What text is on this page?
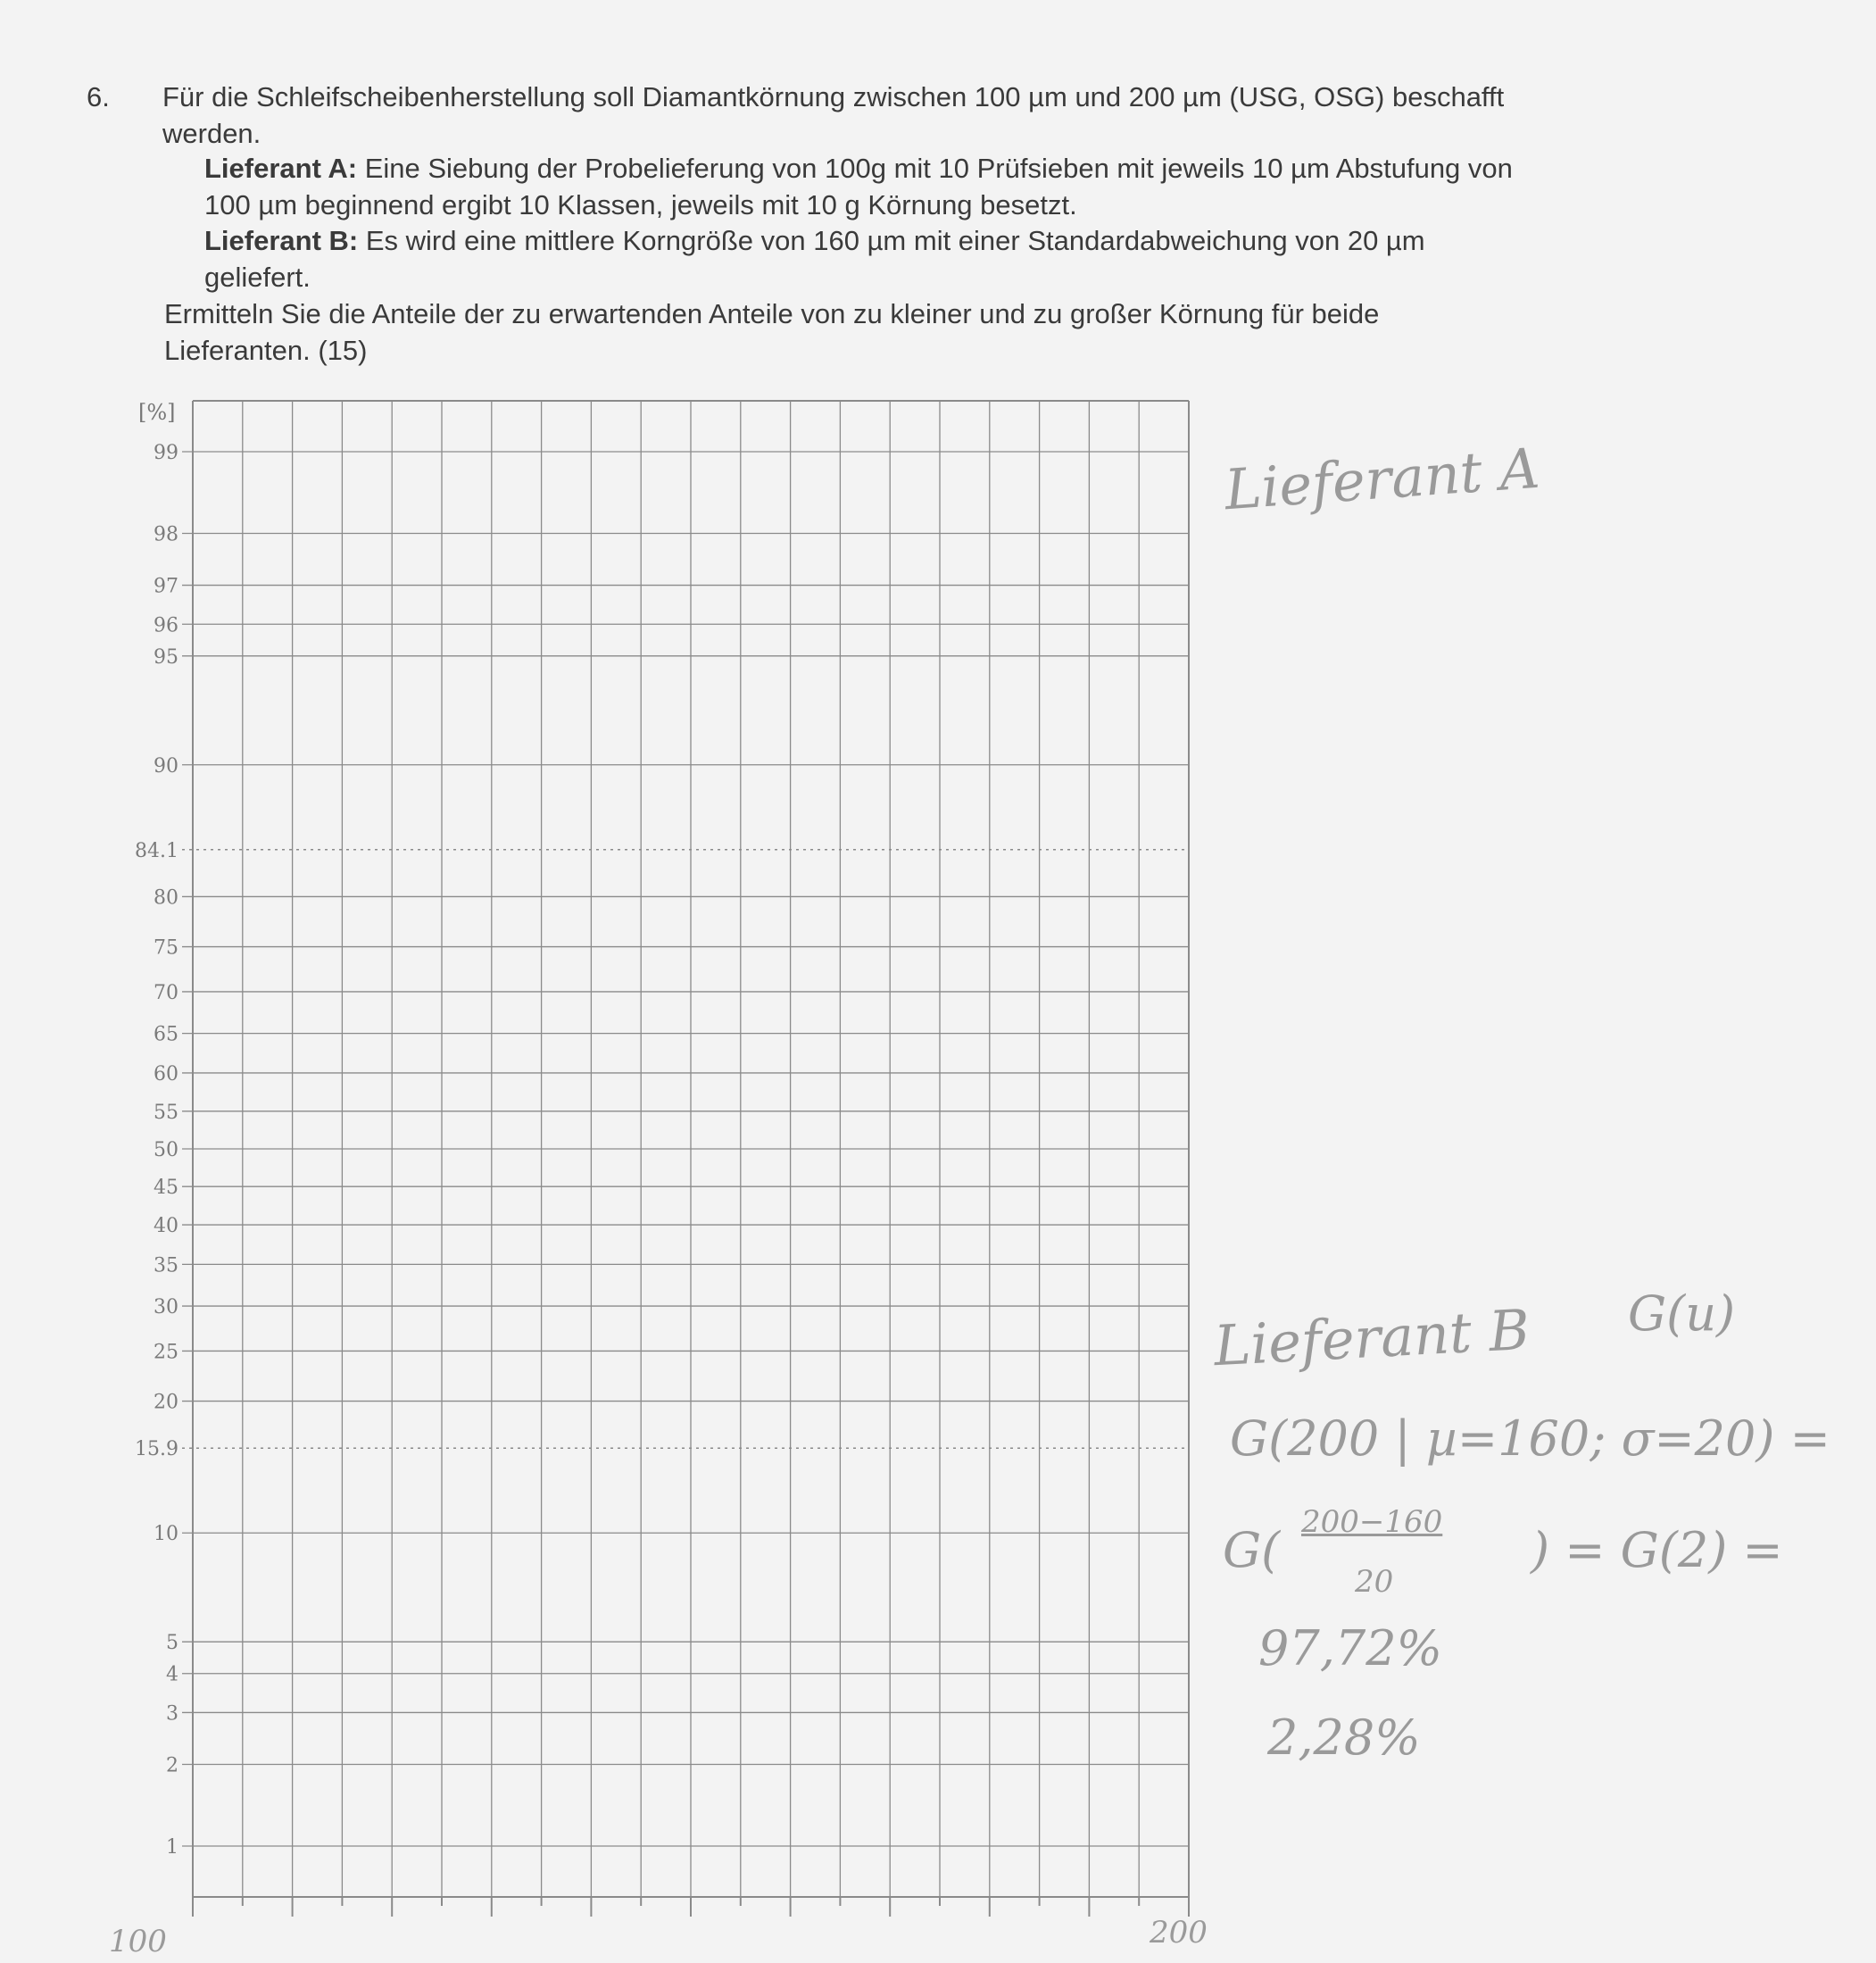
6. Für die Schleifscheibenherstellung soll Diamantkörnung zwischen 100 µm und 200 µm (USG, OSG) beschafft
werden.
Lieferant A: Eine Siebung der Probelieferung von 100g mit 10 Prüfsieben mit jeweils 10 µm Abstufung von
100 µm beginnend ergibt 10 Klassen, jeweils mit 10 g Körnung besetzt.
Lieferant B: Es wird eine mittlere Korngröße von 160 µm mit einer Standardabweichung von 20 µm
geliefert.
Ermitteln Sie die Anteile der zu erwartenden Anteile von zu kleiner und zu großer Körnung für beide
Lieferanten. (15)
99
98
97
96
95
90
84.1
80
75
70
65
60
55
50
45
40
35
30
25
20
15.9
10
5
4
3
2
1
[%]
Lieferant A
Lieferant B G(u)
G(200 | µ=160; σ=20) =
G( 200−160
20
) = G(2) =
97,72%
2,28%
100	200
